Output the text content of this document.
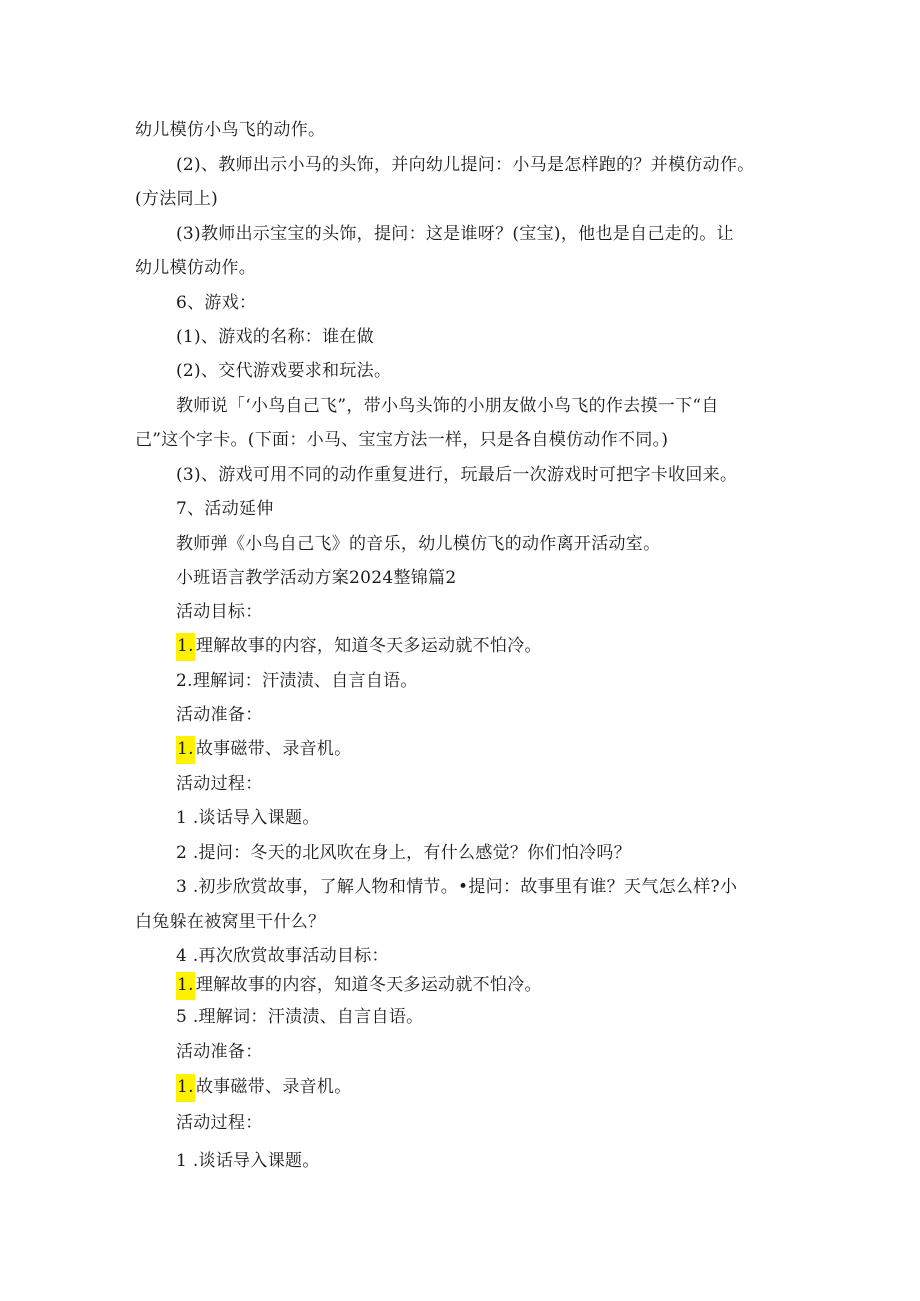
幼儿模仿小鸟飞的动作。
(2)、教师出示小马的头饰，并向幼儿提问：小马是怎样跑的？并模仿动作。
(方法同上)
(3)教师出示宝宝的头饰，提问：这是谁呀？(宝宝)，他也是自己走的。让
幼儿模仿动作。
6、游戏：
(1)、游戏的名称：谁在做
(2)、交代游戏要求和玩法。
教师说「‘小鸟自己飞”，带小鸟头饰的小朋友做小鸟飞的作去摸一下“自
己”这个字卡。(下面：小马、宝宝方法一样，只是各自模仿动作不同。)
(3)、游戏可用不同的动作重复进行，玩最后一次游戏时可把字卡收回来。
7、活动延伸
教师弹《小鸟自己飞》的音乐，幼儿模仿飞的动作离开活动室。
小班语言教学活动方案2024整锦篇2
活动目标：
1. 理解故事的内容，知道冬天多运动就不怕冷。
2.理解词：汗渍渍、自言自语。
活动准备：
1. 故事磁带、录音机。
活动过程：
1 .谈话导入课题。
2 .提问：冬天的北风吹在身上，有什么感觉？你们怕冷吗？
3 .初步欣赏故事，了解人物和情节。•提问：故事里有谁？天气怎么样?小
白兔躲在被窝里干什么？
4 .再次欣赏故事活动目标：
1. 理解故事的内容，知道冬天多运动就不怕冷。
5 .理解词：汗渍渍、自言自语。
活动准备：
1. 故事磁带、录音机。
活动过程：
1 .谈话导入课题。
